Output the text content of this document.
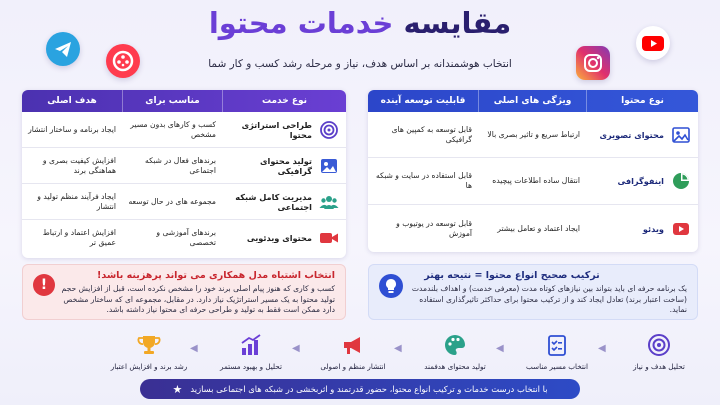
مقایسه خدمات محتوا
انتخاب هوشمندانه بر اساس هدف، نیاز و مرحله رشد کسب و کار شما
نوع خدمت
مناسب برای
هدف اصلی
طراحی استراتژی محتوا
کسب و کارهای بدون مسیر مشخص
ایجاد برنامه و ساختار انتشار
تولید محتوای گرافیکی
برندهای فعال در شبکه اجتماعی
افزایش کیفیت بصری و هماهنگی برند
مدیریت کامل شبکه اجتماعی
مجموعه های در حال توسعه
ایجاد فرآیند منظم تولید و انتشار
محتوای ویدئویی
برندهای آموزشی و تخصصی
افزایش اعتماد و ارتباط عمیق تر
نوع محتوا
ویژگی های اصلی
قابلیت توسعه آینده
محتوای تصویری
ارتباط سریع و تاثیر بصری بالا
قابل توسعه به کمپین های گرافیکی
اینفوگرافی
انتقال ساده اطلاعات پیچیده
قابل استفاده در سایت و شبکه ها
ویدئو
ایجاد اعتماد و تعامل بیشتر
قابل توسعه در یوتیوب و آموزش
!
انتخاب اشتباه مدل همکاری می تواند پرهزینه باشد!
کسب و کاری که هنوز پیام اصلی برند خود را مشخص نکرده است، قبل از افزایش حجم تولید محتوا به یک مسیر استراتژیک نیاز دارد. در مقابل، مجموعه ای که ساختار مشخص دارد ممکن است فقط به تولید و طراحی حرفه ای محتوا نیاز داشته باشد.
ترکیب صحیح انواع محتوا = نتیجه بهتر
یک برنامه حرفه ای باید بتواند بین نیازهای کوتاه مدت (معرفی خدمت) و اهداف بلندمدت (ساخت اعتبار برند) تعادل ایجاد کند و از ترکیب محتوا برای حداکثر تاثیرگذاری استفاده نماید.
تحلیل هدف و نیاز
◀
انتخاب مسیر مناسب
◀
تولید محتوای هدفمند
◀
انتشار منظم و اصولی
◀
تحلیل و بهبود مستمر
◀
رشد برند و افزایش اعتبار
با انتخاب درست خدمات و ترکیب انواع محتوا، حضور قدرتمند و اثربخشی در شبکه های اجتماعی بسازید
★
